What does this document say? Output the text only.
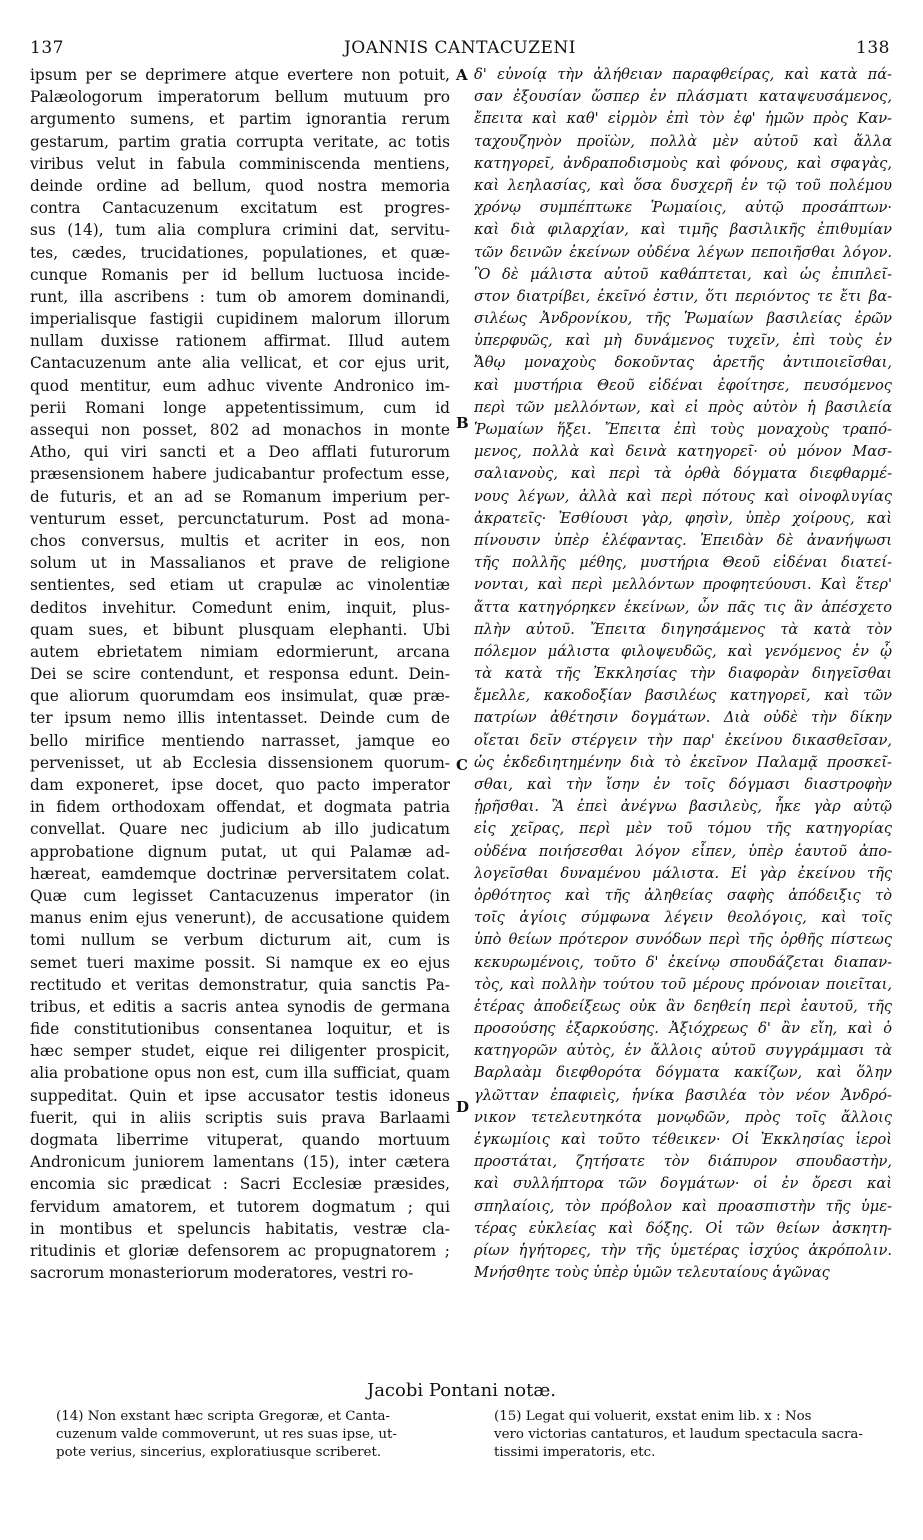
137	JOANNIS CANTACUZENI	138
ipsum per se deprimere atque evertere non potuit,
Palæologorum imperatorum bellum mutuum pro
argumento sumens, et partim ignorantia rerum
gestarum, partim gratia corrupta veritate, ac totis
viribus velut in fabula comminiscenda mentiens,
deinde ordine ad bellum, quod nostra memoria
contra Cantacuzenum excitatum est progres-
sus (14), tum alia complura crimini dat, servitu-
tes, cædes, trucidationes, populationes, et quæ-
cunque Romanis per id bellum luctuosa incide-
runt, illa ascribens : tum ob amorem dominandi,
imperialisque fastigii cupidinem malorum illorum
nullam duxisse rationem affirmat. Illud autem
Cantacuzenum ante alia vellicat, et cor ejus urit,
quod mentitur, eum adhuc vivente Andronico im-
perii Romani longe appetentissimum, cum id
assequi non posset, 802 ad monachos in monte
Atho, qui viri sancti et a Deo afflati futurorum
præsensionem habere judicabantur profectum esse,
de futuris, et an ad se Romanum imperium per-
venturum esset, percunctaturum. Post ad mona-
chos conversus, multis et acriter in eos, non
solum ut in Massalianos et prave de religione
sentientes, sed etiam ut crapulæ ac vinolentiæ
deditos invehitur. Comedunt enim, inquit, plus-
quam sues, et bibunt plusquam elephanti. Ubi
autem ebrietatem nimiam edormierunt, arcana
Dei se scire contendunt, et responsa edunt. Dein-
que aliorum quorumdam eos insimulat, quæ præ-
ter ipsum nemo illis intentasset. Deinde cum de
bello mirifice mentiendo narrasset, jamque eo
pervenisset, ut ab Ecclesia dissensionem quorum-
dam exponeret, ipse docet, quo pacto imperator
in fidem orthodoxam offendat, et dogmata patria
convellat. Quare nec judicium ab illo judicatum
approbatione dignum putat, ut qui Palamæ ad-
hæreat, eamdemque doctrinæ perversitatem colat.
Quæ cum legisset Cantacuzenus imperator (in
manus enim ejus venerunt), de accusatione quidem
tomi nullum se verbum dicturum ait, cum is
semet tueri maxime possit. Si namque ex eo ejus
rectitudo et veritas demonstratur, quia sanctis Pa-
tribus, et editis a sacris antea synodis de germana
fide constitutionibus consentanea loquitur, et is
hæc semper studet, eique rei diligenter prospicit,
alia probatione opus non est, cum illa sufficiat, quam
suppeditat. Quin et ipse accusator testis idoneus
fuerit, qui in aliis scriptis suis prava Barlaami
dogmata liberrime vituperat, quando mortuum
Andronicum juniorem lamentans (15), inter cætera
encomia sic prædicat : Sacri Ecclesiæ præsides,
fervidum amatorem, et tutorem dogmatum ; qui
in montibus et speluncis habitatis, vestræ cla-
ritudinis et gloriæ defensorem ac propugnatorem ;
sacrorum monasteriorum moderatores, vestri ro-
δ' εὐνοίᾳ τὴν ἀλήθειαν παραφθείρας, καὶ κατὰ πά-
σαν ἐξουσίαν ὥσπερ ἐν πλάσματι καταψευσάμενος,
ἔπειτα καὶ καθ' εἱρμὸν ἐπὶ τὸν ἐφ' ἡμῶν πρὸς Καν-
ταχουζηνὸν προϊὼν, πολλὰ μὲν αὐτοῦ καὶ ἄλλα
κατηγορεῖ, ἀνδραποδισμοὺς καὶ φόνους, καὶ σφαγὰς,
καὶ λεηλασίας, καὶ ὅσα δυσχερῆ ἐν τῷ τοῦ πολέμου
χρόνῳ συμπέπτωκε Ῥωμαίοις, αὐτῷ προσάπτων·
καὶ διὰ φιλαρχίαν, καὶ τιμῆς βασιλικῆς ἐπιθυμίαν
τῶν δεινῶν ἐκείνων οὐδένα λέγων πεποιῆσθαι λόγον.
Ὃ δὲ μάλιστα αὐτοῦ καθάπτεται, καὶ ὡς ἐπιπλεῖ-
στον διατρίβει, ἐκεῖνό ἐστιν, ὅτι περιόντος τε ἔτι βα-
σιλέως Ἀνδρονίκου, τῆς Ῥωμαίων βασιλείας ἐρῶν
ὑπερφυῶς, καὶ μὴ δυνάμενος τυχεῖν, ἐπὶ τοὺς ἐν
Ἄθῳ μοναχοὺς δοκοῦντας ἀρετῆς ἀντιποιεῖσθαι,
καὶ μυστήρια Θεοῦ εἰδέναι ἐφοίτησε, πευσόμενος
περὶ τῶν μελλόντων, καὶ εἰ πρὸς αὐτὸν ἡ βασιλεία
Ῥωμαίων ἥξει. Ἔπειτα ἐπὶ τοὺς μοναχοὺς τραπό-
μενος, πολλὰ καὶ δεινὰ κατηγορεῖ· οὐ μόνον Μασ-
σαλιανοὺς, καὶ περὶ τὰ ὀρθὰ δόγματα διεφθαρμέ-
νους λέγων, ἀλλὰ καὶ περὶ πότους καὶ οἰνοφλυγίας
ἀκρατεῖς· Ἐσθίουσι γὰρ, φησὶν, ὑπὲρ χοίρους, καὶ
πίνουσιν ὑπὲρ ἐλέφαντας. Ἐπειδὰν δὲ ἀνανήψωσι
τῆς πολλῆς μέθης, μυστήρια Θεοῦ εἰδέναι διατεί-
νονται, καὶ περὶ μελλόντων προφητεύουσι. Καὶ ἕτερ'
ἄττα κατηγόρηκεν ἐκείνων, ὧν πᾶς τις ἂν ἀπέσχετο
πλὴν αὐτοῦ. Ἔπειτα διηγησάμενος τὰ κατὰ τὸν
πόλεμον μάλιστα φιλοψευδῶς, καὶ γενόμενος ἐν ᾧ
τὰ κατὰ τῆς Ἐκκλησίας τὴν διαφορὰν διηγεῖσθαι
ἔμελλε, κακοδοξίαν βασιλέως κατηγορεῖ, καὶ τῶν
πατρίων ἀθέτησιν δογμάτων. Διὰ οὐδὲ τὴν δίκην
οἴεται δεῖν στέργειν τὴν παρ' ἐκείνου δικασθεῖσαν,
ὡς ἐκδεδιητημένην διὰ τὸ ἐκεῖνον Παλαμᾷ προσκεῖ-
σθαι, καὶ τὴν ἴσην ἐν τοῖς δόγμασι διαστροφὴν
ᾑρῆσθαι. Ἃ ἐπεὶ ἀνέγνω βασιλεὺς, ἧκε γὰρ αὐτῷ
εἰς χεῖρας, περὶ μὲν τοῦ τόμου τῆς κατηγορίας
οὐδένα ποιήσεσθαι λόγον εἶπεν, ὑπὲρ ἑαυτοῦ ἀπο-
λογεῖσθαι δυναμένου μάλιστα. Εἰ γὰρ ἐκείνου τῆς
ὀρθότητος καὶ τῆς ἀληθείας σαφὴς ἀπόδειξις τὸ
τοῖς ἁγίοις σύμφωνα λέγειν θεολόγοις, καὶ τοῖς
ὑπὸ θείων πρότερον συνόδων περὶ τῆς ὀρθῆς πίστεως
κεκυρωμένοις, τοῦτο δ' ἐκείνῳ σπουδάζεται διαπαν-
τὸς, καὶ πολλὴν τούτου τοῦ μέρους πρόνοιαν ποιεῖται,
ἑτέρας ἀποδείξεως οὐκ ἂν δεηθείη περὶ ἑαυτοῦ, τῆς
προσούσης ἐξαρκούσης. Ἀξιόχρεως δ' ἂν εἴη, καὶ ὁ
κατηγορῶν αὐτὸς, ἐν ἄλλοις αὐτοῦ συγγράμμασι τὰ
Βαρλαὰμ διεφθορότα δόγματα κακίζων, καὶ ὅλην
γλῶτταν ἐπαφιεὶς, ἡνίκα βασιλέα τὸν νέον Ἀνδρό-
νικον τετελευτηκότα μονῳδῶν, πρὸς τοῖς ἄλλοις
ἐγκωμίοις καὶ τοῦτο τέθεικεν· Οἱ Ἐκκλησίας ἱεροὶ
προστάται, ζητήσατε τὸν διάπυρον σπουδαστὴν,
καὶ συλλήπτορα τῶν δογμάτων· οἱ ἐν ὄρεσι καὶ
σπηλαίοις, τὸν πρόβολον καὶ προασπιστὴν τῆς ὑμε-
τέρας εὐκλείας καὶ δόξης. Οἱ τῶν θείων ἀσκητη-
ρίων ἡγήτορες, τὴν τῆς ὑμετέρας ἰσχύος ἀκρόπολιν.
Μνήσθητε τοὺς ὑπὲρ ὑμῶν τελευταίους ἀγῶνας
A
B
C
D
Jacobi Pontani notæ.
(14) Non exstant hæc scripta Gregoræ, et Canta-
cuzenum valde commoverunt, ut res suas ipse, ut-
pote verius, sincerius, exploratiusque scriberet.
(15) Legat qui voluerit, exstat enim lib. x : Nos
vero victorias cantaturos, et laudum spectacula sacra-
tissimi imperatoris, etc.
